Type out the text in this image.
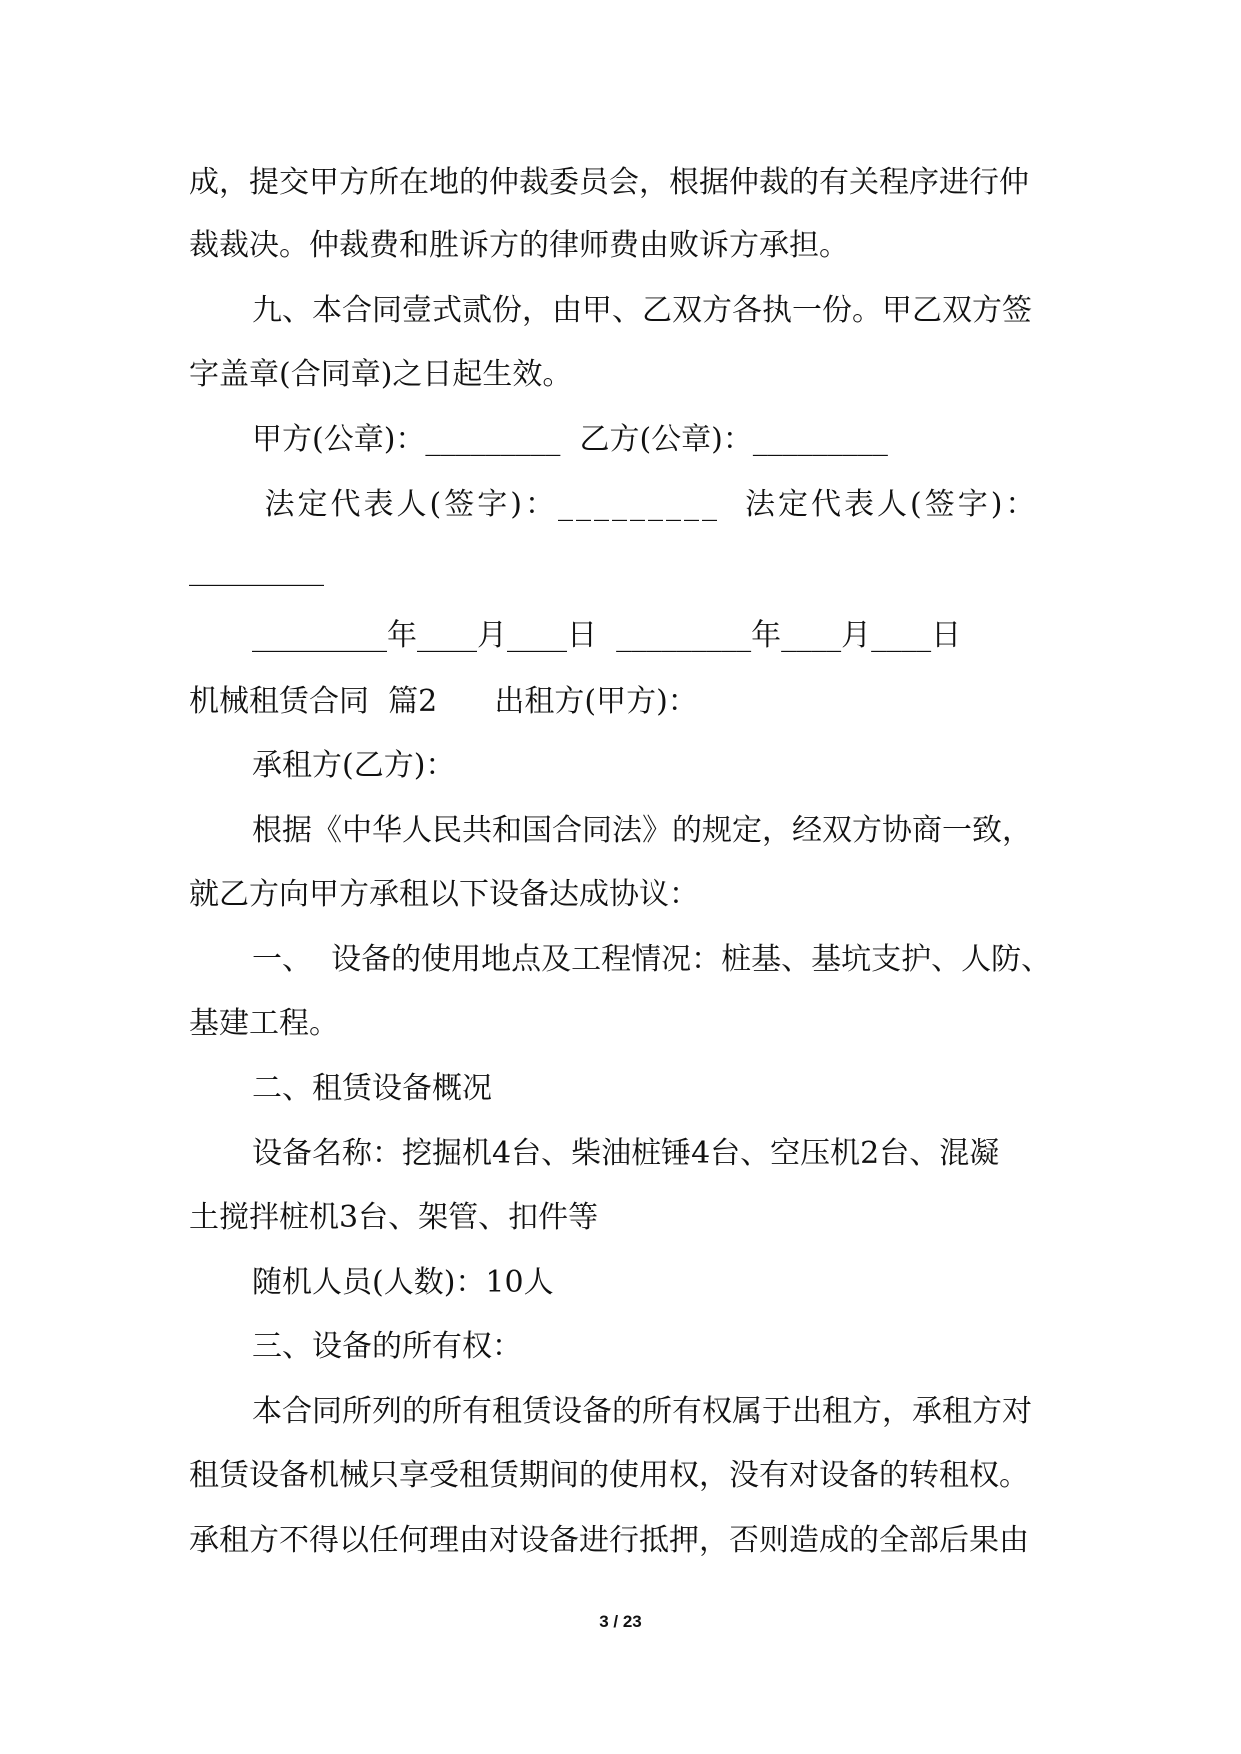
成，提交甲方所在地的仲裁委员会，根据仲裁的有关程序进行仲
裁裁决。仲裁费和胜诉方的律师费由败诉方承担。
九、本合同壹式贰份，由甲、乙双方各执一份。甲乙双方签
字盖章(合同章)之日起生效。
甲方(公章)：_________  乙方(公章)：_________
法定代表人(签字)：_________  法定代表人(签字)：
_________
_________年____月____日  _________年____月____日
机械租赁合同  篇2      出租方(甲方)：
承租方(乙方)：
根据《中华人民共和国合同法》的规定，经双方协商一致，
就乙方向甲方承租以下设备达成协议：
一、  设备的使用地点及工程情况：桩基、基坑支护、人防、
基建工程。
二、租赁设备概况
设备名称：挖掘机4台、柴油桩锤4台、空压机2台、混凝
土搅拌桩机3台、架管、扣件等
随机人员(人数)：10人
三、设备的所有权：
本合同所列的所有租赁设备的所有权属于出租方，承租方对
租赁设备机械只享受租赁期间的使用权，没有对设备的转租权。
承租方不得以任何理由对设备进行抵押，否则造成的全部后果由
3 / 23
